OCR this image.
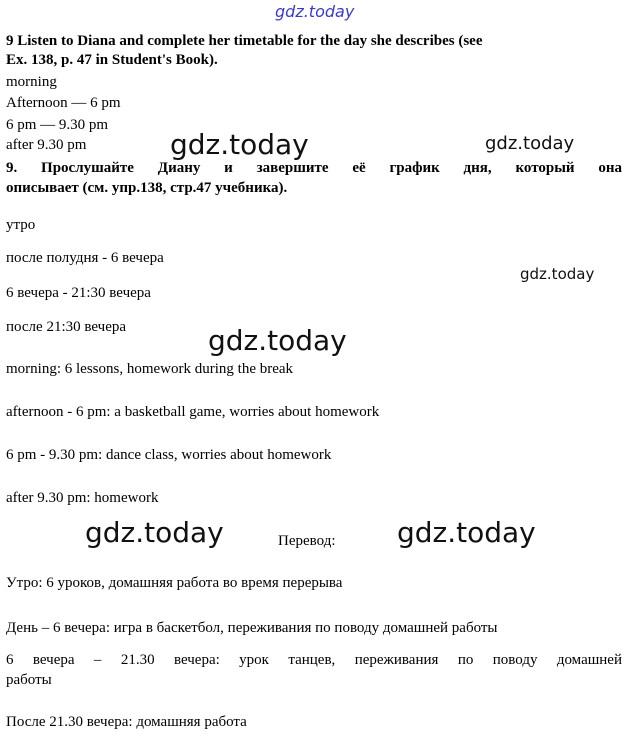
gdz.today
9 Listen to Diana and complete her timetable for the day she describes (see
Ex. 138, p. 47 in Student's Book).
morning
Afternoon — 6 pm
6 pm — 9.30 pm
after 9.30 pm	gdz.today	gdz.today
9. Прослушайте Диану и завершите её график дня, который она
описывает (см. упр.138, стр.47 учебника).
утро
после полудня - 6 вечера
6 вечера - 21:30 вечера
после 21:30 вечера
gdz.today
gdz.today
morning: 6 lessons, homework during the break
afternoon - 6 pm: a basketball game, worries about homework
6 pm - 9.30 pm: dance class, worries about homework
after 9.30 pm: homework
gdz.today	Перевод: gdz.today
Утро: 6 уроков, домашняя работа во время перерыва
День – 6 вечера: игра в баскетбол, переживания по поводу домашней работы
6 вечера – 21.30 вечера: урок танцев, переживания по поводу домашней
работы
После 21.30 вечера: домашняя работа
